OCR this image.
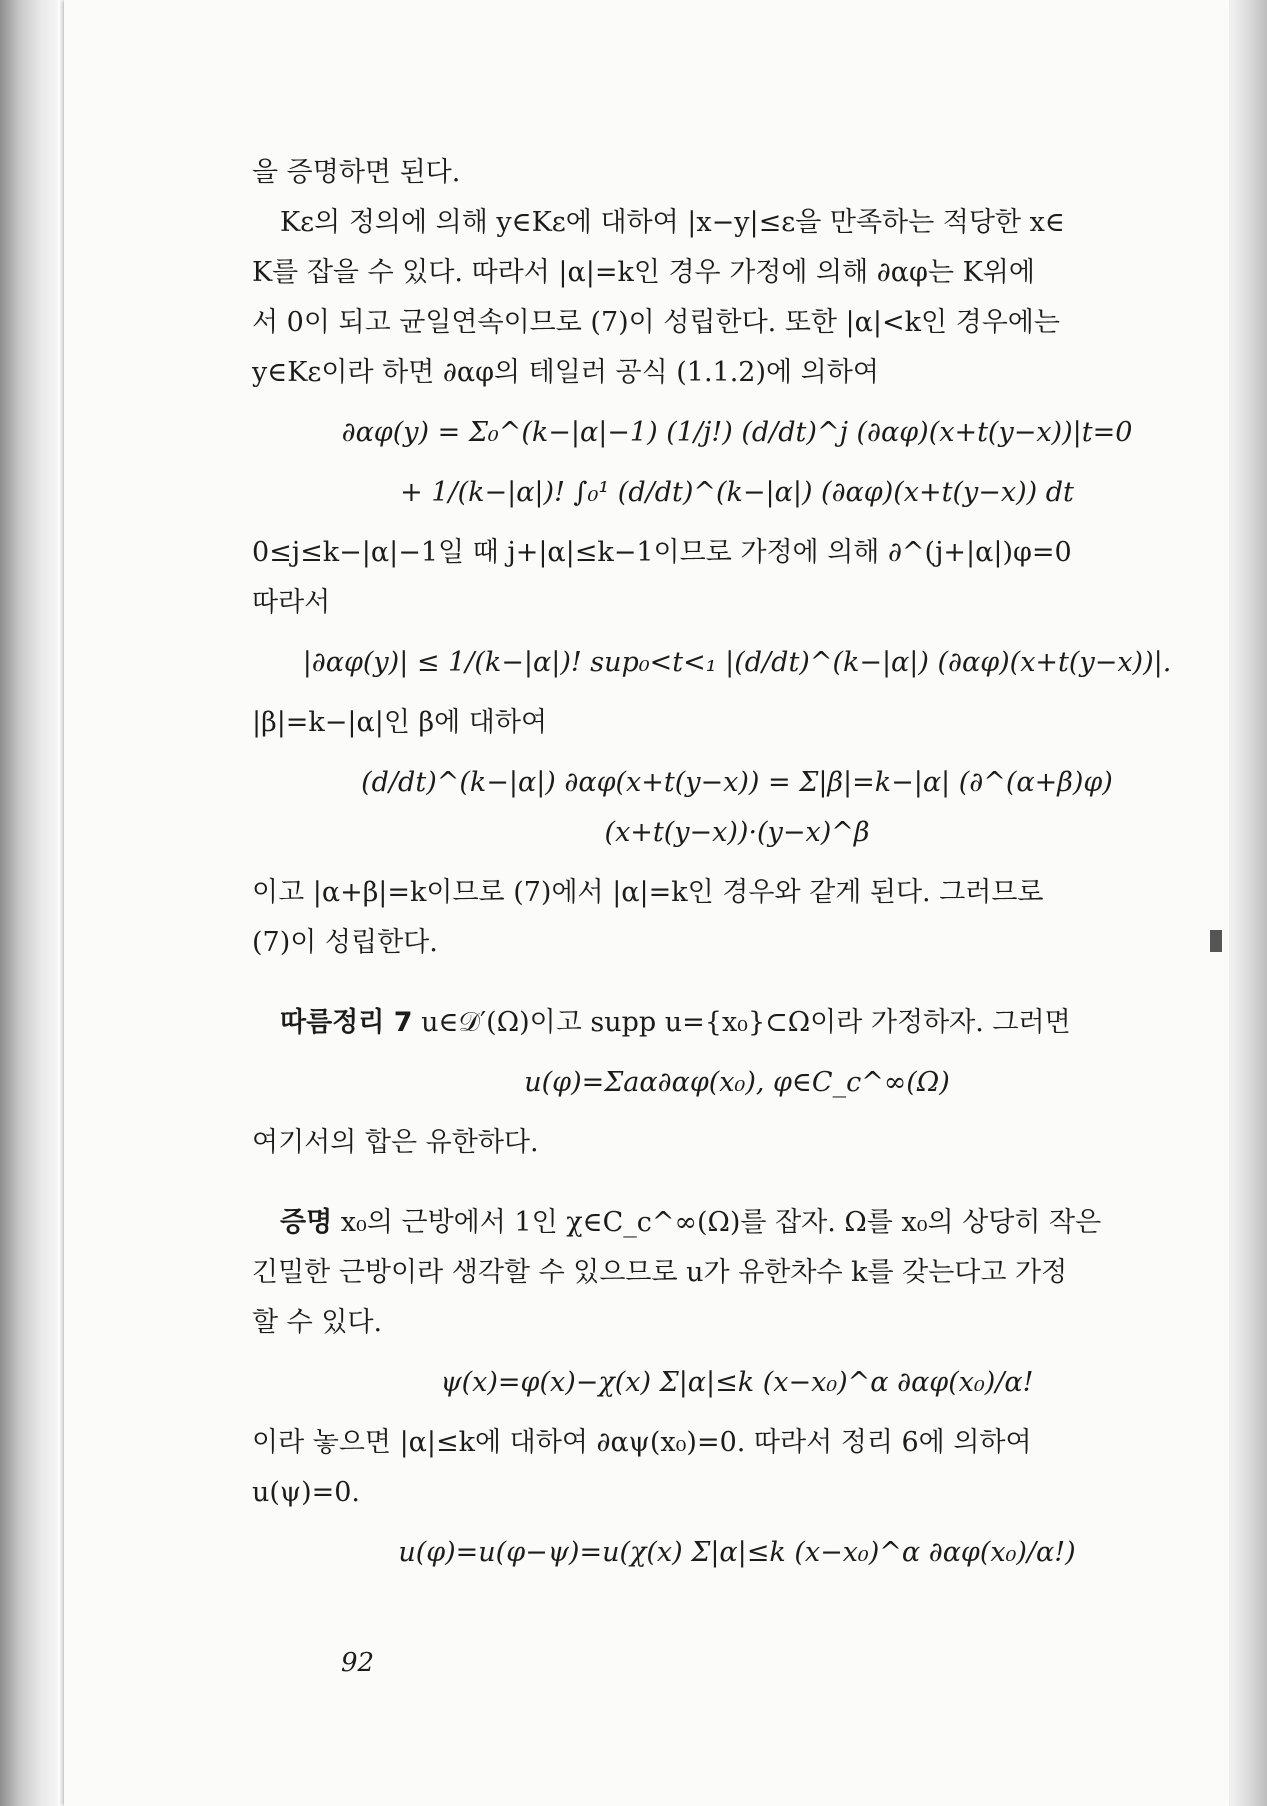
을 증명하면 된다.

Kε의 정의에 의해 y∈Kε에 대하여 |x−y|≤ε을 만족하는 적당한 x∈

K를 잡을 수 있다. 따라서 |α|=k인 경우 가정에 의해 ∂αφ는 K위에

서 0이 되고 균일연속이므로 (7)이 성립한다. 또한 |α|<k인 경우에는

y∈Kε이라 하면 ∂αφ의 테일러 공식 (1.1.2)에 의하여

∂αφ(y) = Σ₀^(k−|α|−1) (1/j!) (d/dt)^j (∂αφ)(x+t(y−x))|t=0
+ 1/(k−|α|)! ∫₀¹ (d/dt)^(k−|α|) (∂αφ)(x+t(y−x)) dt

0≤j≤k−|α|−1일 때 j+|α|≤k−1이므로 가정에 의해 ∂^(j+|α|)φ=0

따라서

|∂αφ(y)| ≤ 1/(k−|α|)! sup₀<t<₁ |(d/dt)^(k−|α|) (∂αφ)(x+t(y−x))|.

|β|=k−|α|인 β에 대하여

(d/dt)^(k−|α|) ∂αφ(x+t(y−x)) = Σ|β|=k−|α| (∂^(α+β)φ)(x+t(y−x))·(y−x)^β

이고 |α+β|=k이므로 (7)에서 |α|=k인 경우와 같게 된다. 그러므로

(7)이 성립한다.

따름정리 7 u∈𝒟′(Ω)이고 supp u={x₀}⊂Ω이라 가정하자. 그러면

u(φ)=Σaα∂αφ(x₀), φ∈C_c^∞(Ω)

여기서의 합은 유한하다.

증명 x₀의 근방에서 1인 χ∈C_c^∞(Ω)를 잡자. Ω를 x₀의 상당히 작은

긴밀한 근방이라 생각할 수 있으므로 u가 유한차수 k를 갖는다고 가정

할 수 있다.

ψ(x)=φ(x)−χ(x) Σ|α|≤k (x−x₀)^α ∂αφ(x₀)/α!

이라 놓으면 |α|≤k에 대하여 ∂αψ(x₀)=0. 따라서 정리 6에 의하여

u(ψ)=0.

u(φ)=u(φ−ψ)=u(χ(x) Σ|α|≤k (x−x₀)^α ∂αφ(x₀)/α!)
92
